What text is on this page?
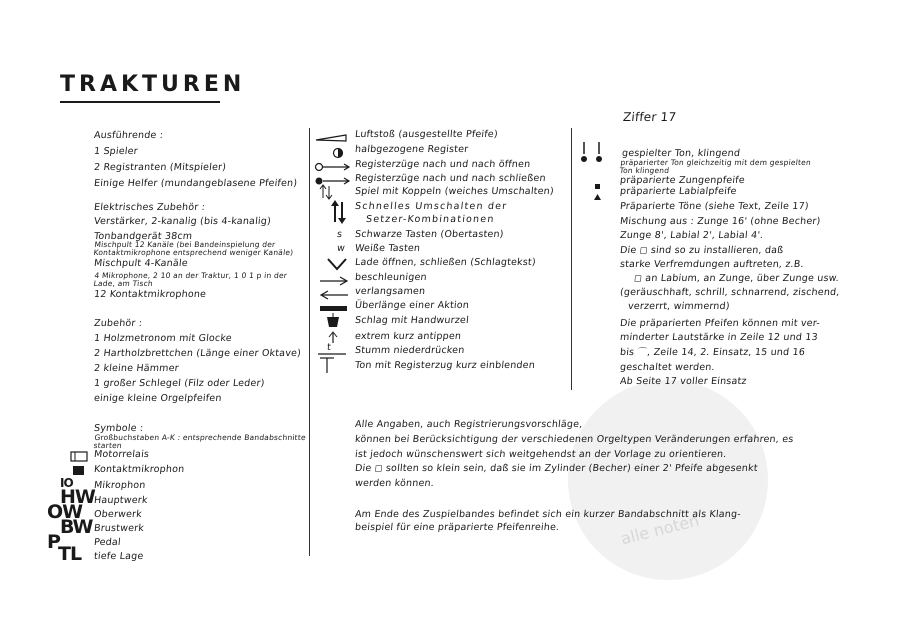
alle noten
TRAKTUREN
Ausführende :
1 Spieler
2 Registranten (Mitspieler)
Einige Helfer (mundangeblasene Pfeifen)
Elektrisches Zubehör :
Verstärker, 2-kanalig (bis 4-kanalig)
Tonbandgerät 38cm
Mischpult 12 Kanäle (bei Bandeinspielung der Kontaktmikrophone entsprechend weniger Kanäle)
Mischpult 4-Kanäle
4 Mikrophone, 2 10 an der Traktur, 1 0 1 p in der Lade, am Tisch
12 Kontaktmikrophone
Zubehör :
1 Holzmetronom mit Glocke
2 Hartholzbrettchen (Länge einer Oktave)
2 kleine Hämmer
1 großer Schlegel (Filz oder Leder)
einige kleine Orgelpfeifen
Symbole :
Großbuchstaben A-K : entsprechende Bandabschnitte starten
Motorrelais
Kontaktmikrophon
Mikrophon
Hauptwerk
Oberwerk
Brustwerk
Pedal
tiefe Lage
IO
HW
OW
BW
P
TL
s
w
t
Luftstoß (ausgestellte Pfeife)
halbgezogene Register
Registerzüge nach und nach öffnen
Registerzüge nach und nach schließen
Spiel mit Koppeln (weiches Umschalten)
Schnelles Umschalten der
Setzer-Kombinationen
Schwarze Tasten (Obertasten)
Weiße Tasten
Lade öffnen, schließen (Schlagtekst)
beschleunigen
verlangsamen
Überlänge einer Aktion
Schlag mit Handwurzel
extrem kurz antippen
Stumm niederdrücken
Ton mit Registerzug kurz einblenden
Ziffer 17
gespielter Ton, klingend
präparierter Ton gleichzeitig mit dem gespielten Ton klingend
präparierte Zungenpfeife
präparierte Labialpfeife
Präparierte Töne (siehe Text, Zeile 17)
Mischung aus : Zunge 16' (ohne Becher)
Zunge 8', Labial 2', Labial 4'.
Die ◻ sind so zu installieren, daß
starke Verfremdungen auftreten, z.B.
◻ an Labium, an Zunge, über Zunge usw.
(geräuschhaft, schrill, schnarrend, zischend,
verzerrt, wimmernd)
Die präparierten Pfeifen können mit ver-
minderter Lautstärke in Zeile 12 und 13
bis ⌒, Zeile 14, 2. Einsatz, 15 und 16
geschaltet werden.
Ab Seite 17 voller Einsatz
Alle Angaben, auch Registrierungsvorschläge,
können bei Berücksichtigung der verschiedenen Orgeltypen Veränderungen erfahren, es
ist jedoch wünschenswert sich weitgehendst an der Vorlage zu orientieren.
Die ◻ sollten so klein sein, daß sie im Zylinder (Becher) einer 2' Pfeife abgesenkt
werden können.
Am Ende des Zuspielbandes befindet sich ein kurzer Bandabschnitt als Klang-
beispiel für eine präparierte Pfeifenreihe.
